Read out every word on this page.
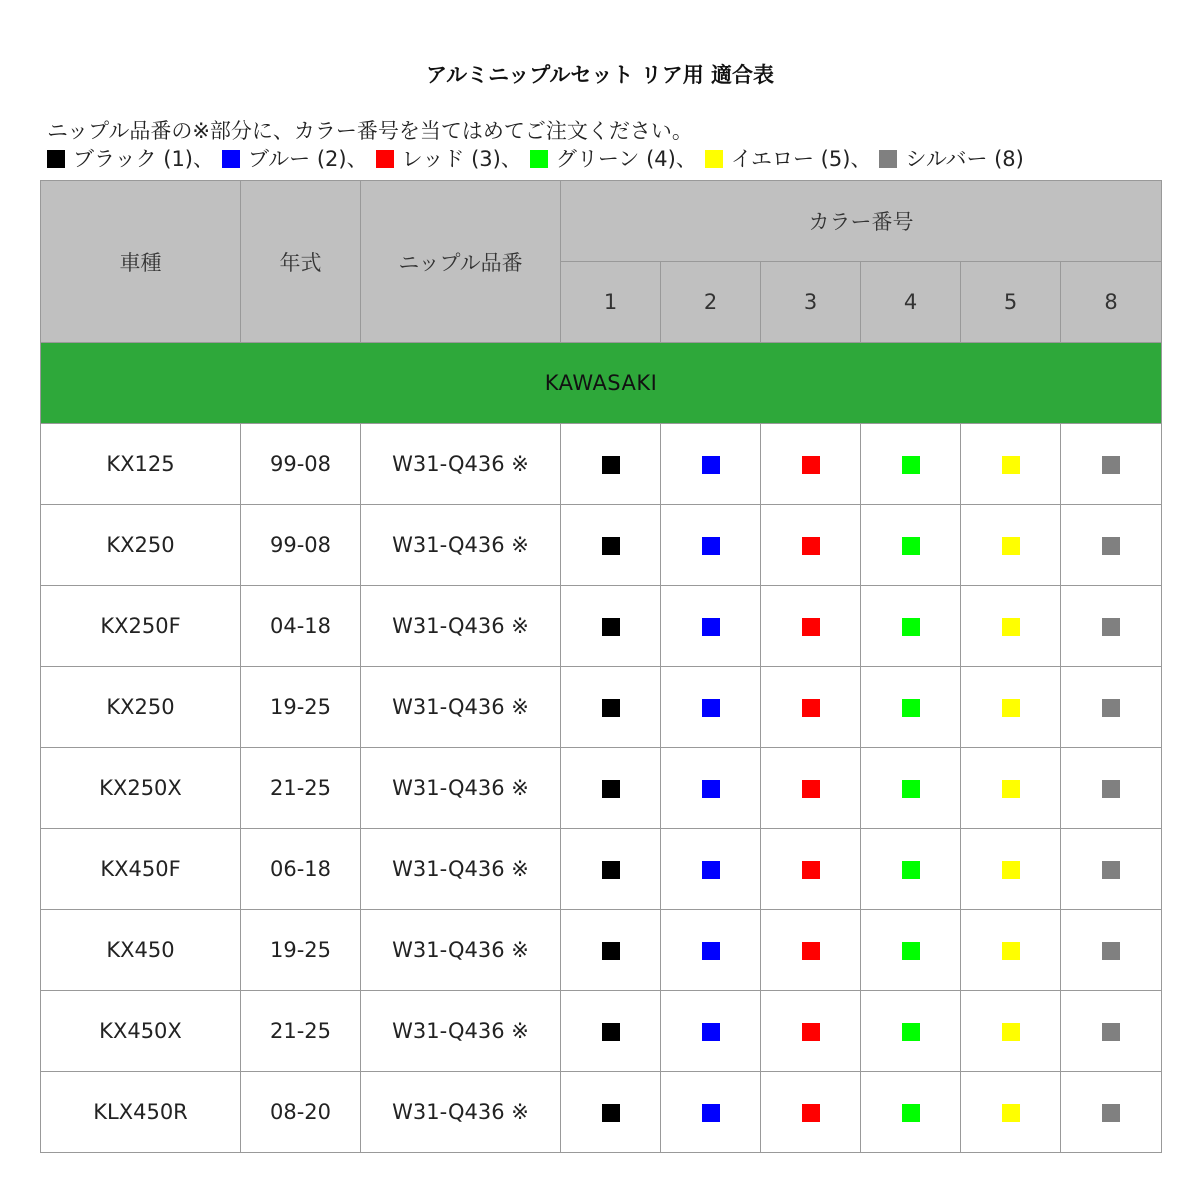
アルミニップルセット リア用 適合表
ニップル品番の※部分に、カラー番号を当てはめてご注文ください。
ブラック (1)、 ブルー (2)、 レッド (3)、 グリーン (4)、 イエロー (5)、 シルバー (8)
車種	年式	ニップル品番	カラー番号					
			1	2	3	4	5	8
KAWASAKI								
KX125	99-08	W31-Q436 ※						
KX250	99-08	W31-Q436 ※						
KX250F	04-18	W31-Q436 ※						
KX250	19-25	W31-Q436 ※						
KX250X	21-25	W31-Q436 ※						
KX450F	06-18	W31-Q436 ※						
KX450	19-25	W31-Q436 ※						
KX450X	21-25	W31-Q436 ※						
KLX450R	08-20	W31-Q436 ※						
